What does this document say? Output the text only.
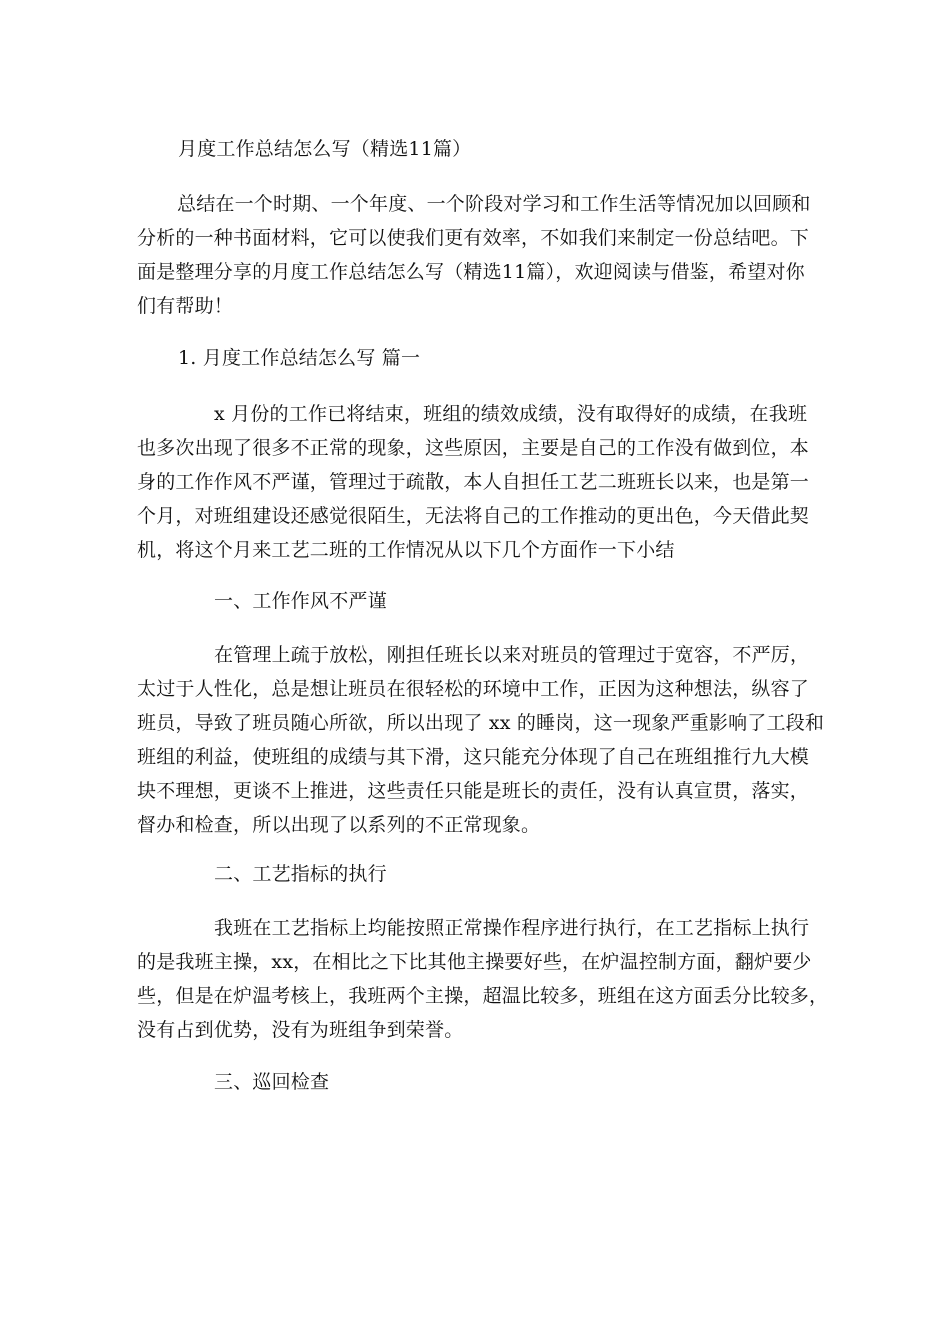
月度工作总结怎么写（精选11篇）
总结在一个时期、一个年度、一个阶段对学习和工作生活等情况加以回顾和
分析的一种书面材料，它可以使我们更有效率，不如我们来制定一份总结吧。下
面是整理分享的月度工作总结怎么写（精选11篇），欢迎阅读与借鉴，希望对你
们有帮助！
1. 月度工作总结怎么写 篇一
x 月份的工作已将结束，班组的绩效成绩，没有取得好的成绩，在我班
也多次出现了很多不正常的现象，这些原因，主要是自己的工作没有做到位，本
身的工作作风不严谨，管理过于疏散，本人自担任工艺二班班长以来，也是第一
个月，对班组建设还感觉很陌生，无法将自己的工作推动的更出色，今天借此契
机，将这个月来工艺二班的工作情况从以下几个方面作一下小结
一、工作作风不严谨
在管理上疏于放松，刚担任班长以来对班员的管理过于宽容，不严厉，
太过于人性化，总是想让班员在很轻松的环境中工作，正因为这种想法，纵容了
班员，导致了班员随心所欲，所以出现了 xx 的睡岗，这一现象严重影响了工段和
班组的利益，使班组的成绩与其下滑，这只能充分体现了自己在班组推行九大模
块不理想，更谈不上推进，这些责任只能是班长的责任，没有认真宣贯，落实，
督办和检查，所以出现了以系列的不正常现象。
二、工艺指标的执行
我班在工艺指标上均能按照正常操作程序进行执行，在工艺指标上执行
的是我班主操，xx，在相比之下比其他主操要好些，在炉温控制方面，翻炉要少
些，但是在炉温考核上，我班两个主操，超温比较多，班组在这方面丢分比较多，
没有占到优势，没有为班组争到荣誉。
三、巡回检查
